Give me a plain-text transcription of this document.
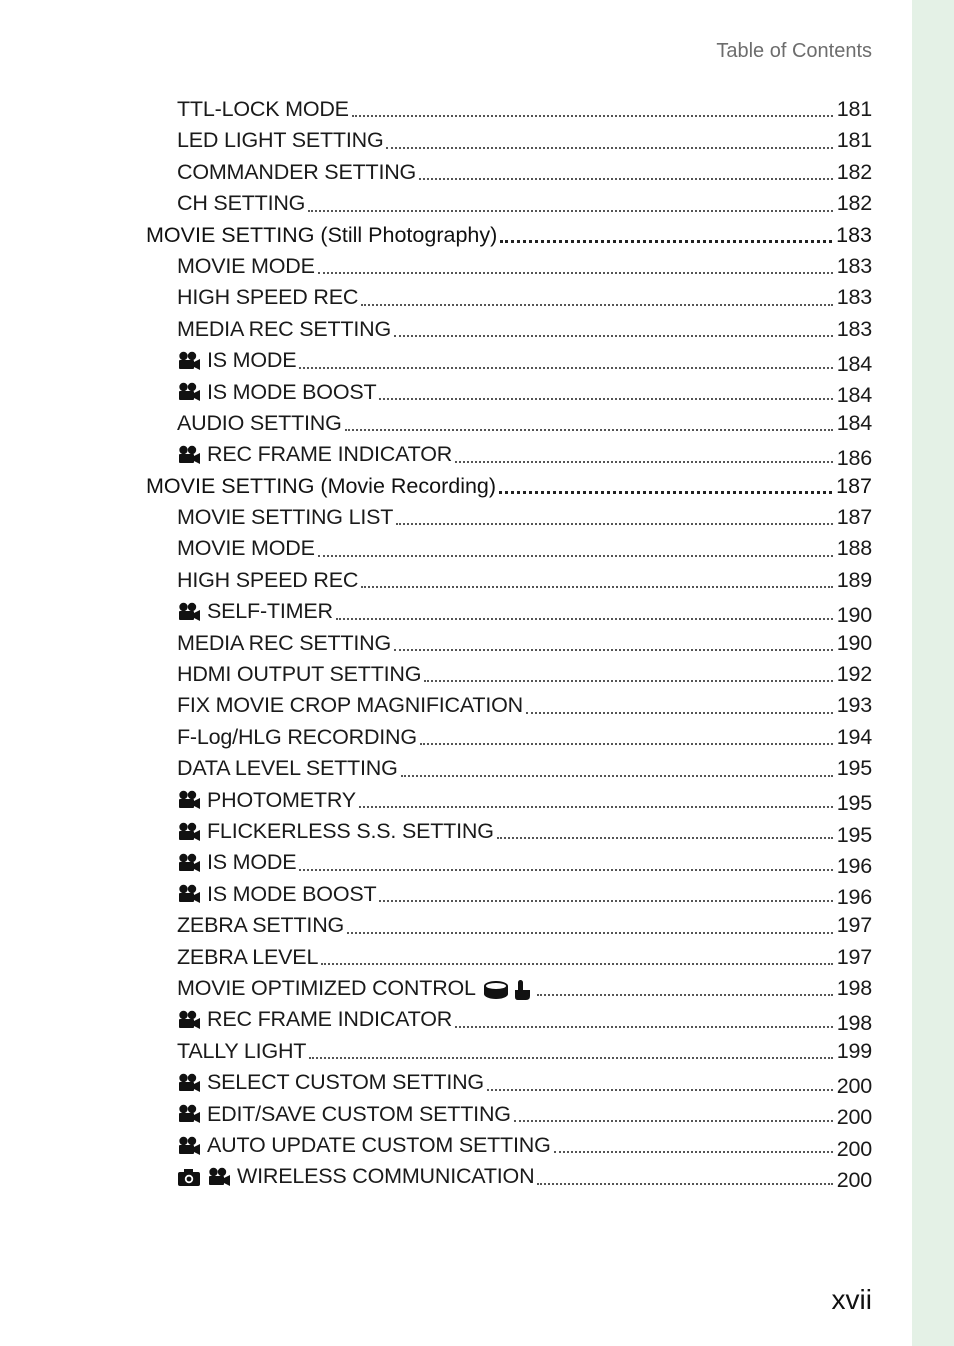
Table of Contents
TTL-LOCK MODE	181
LED LIGHT SETTING	181
COMMANDER SETTING	182
CH SETTING	182
MOVIE SETTING (Still Photography)	183
MOVIE MODE	183
HIGH SPEED REC	183
MEDIA REC SETTING	183
IS MODE	184
IS MODE BOOST	184
AUDIO SETTING	184
REC FRAME INDICATOR	186
MOVIE SETTING (Movie Recording)	187
MOVIE SETTING LIST	187
MOVIE MODE	188
HIGH SPEED REC	189
SELF-TIMER	190
MEDIA REC SETTING	190
HDMI OUTPUT SETTING	192
FIX MOVIE CROP MAGNIFICATION	193
F-Log/HLG RECORDING	194
DATA LEVEL SETTING	195
PHOTOMETRY	195
FLICKERLESS S.S. SETTING	195
IS MODE	196
IS MODE BOOST	196
ZEBRA SETTING	197
ZEBRA LEVEL	197
MOVIE OPTIMIZED CONTROL	198
REC FRAME INDICATOR	198
TALLY LIGHT	199
SELECT CUSTOM SETTING	200
EDIT/SAVE CUSTOM SETTING	200
AUTO UPDATE CUSTOM SETTING	200
WIRELESS COMMUNICATION	200
xvii
